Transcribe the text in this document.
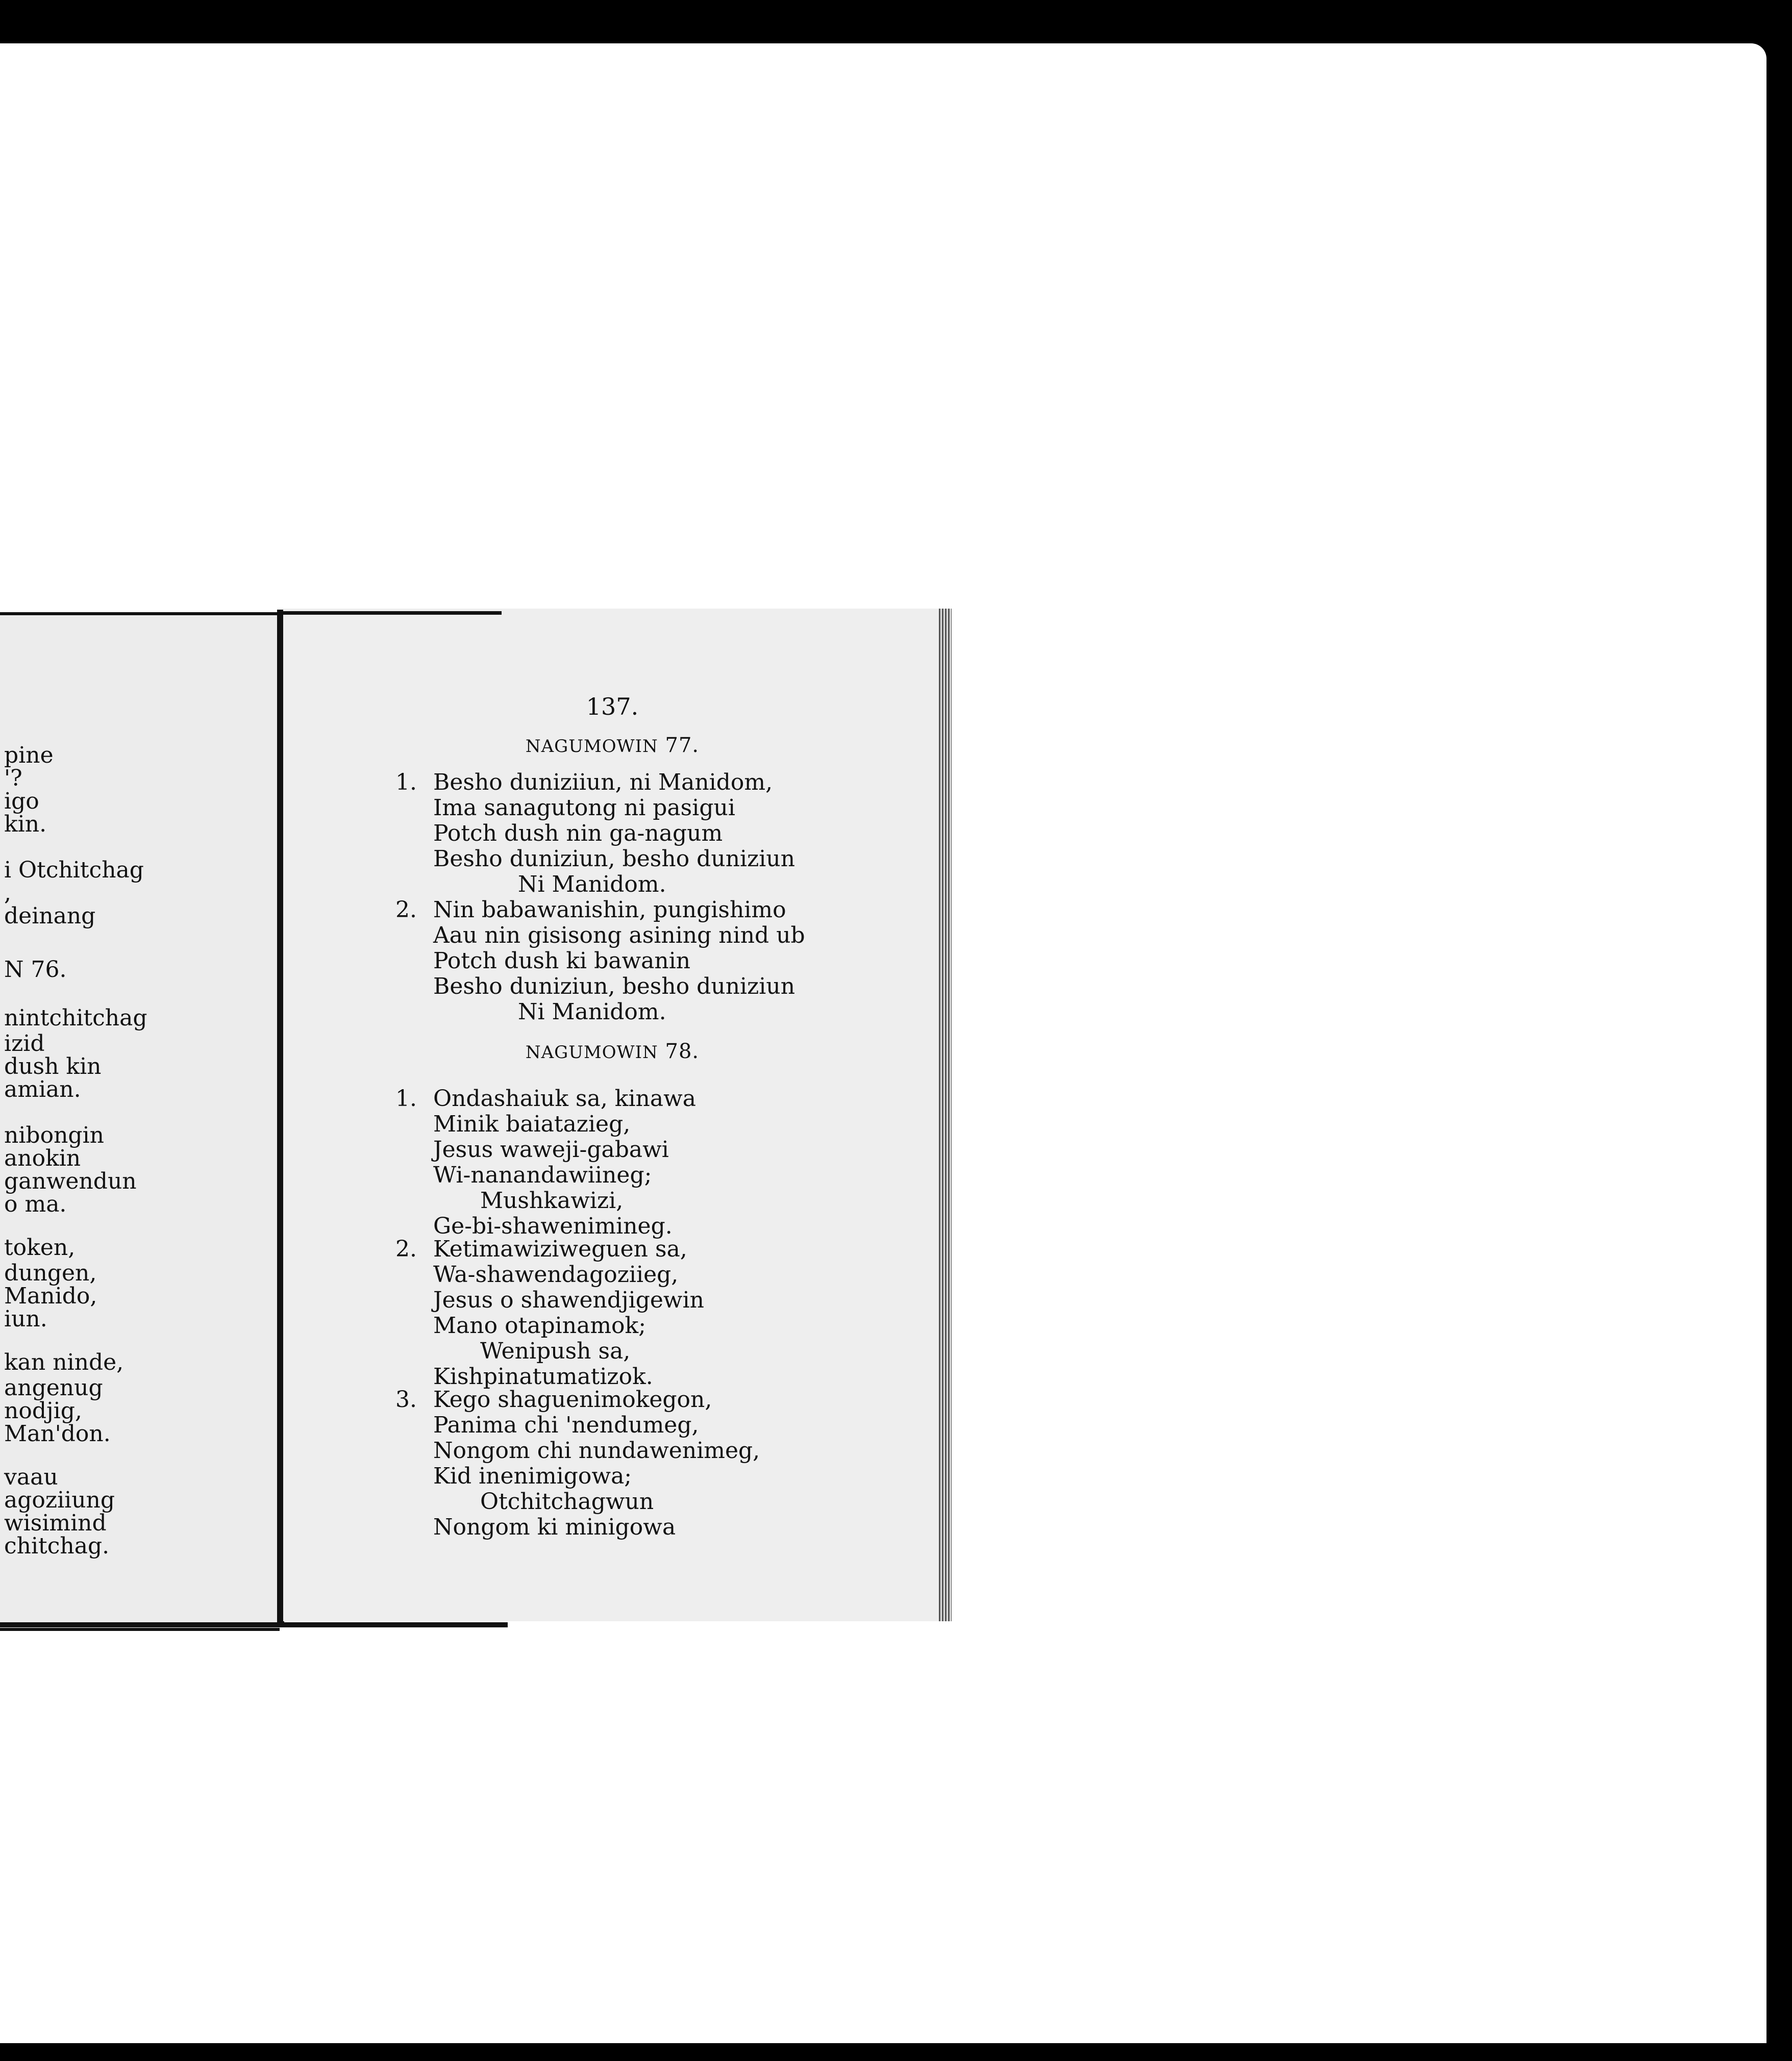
pine
'?
igo
kin.
i Otchitchag
,
deinang
N 76.
nintchitchag
izid
dush kin
amian.
nibongin
anokin
ganwendun
o ma.
token,
dungen,
Manido,
iun.
kan ninde,
angenug
nodjig,
Man'don.
vaau
agoziiung
wisimind
chitchag.
137.
NAGUMOWIN 77.
1. Besho duniziiun, ni Manidom,
Ima sanagutong ni pasigui
Potch dush nin ga-nagum
Besho duniziun, besho duniziun
Ni Manidom.
2. Nin babawanishin, pungishimo
Aau nin gisisong asining nind ub
Potch dush ki bawanin
Besho duniziun, besho duniziun
Ni Manidom.
NAGUMOWIN 78.
1. Ondashaiuk sa, kinawa
Minik baiatazieg,
Jesus waweji-gabawi
Wi-nanandawiineg;
Mushkawizi,
Ge-bi-shawenimineg.
2. Ketimawiziweguen sa,
Wa-shawendagoziieg,
Jesus o shawendjigewin
Mano otapinamok;
Wenipush sa,
Kishpinatumatizok.
3. Kego shaguenimokegon,
Panima chi 'nendumeg,
Nongom chi nundawenimeg,
Kid inenimigowa;
Otchitchagwun
Nongom ki minigowa
